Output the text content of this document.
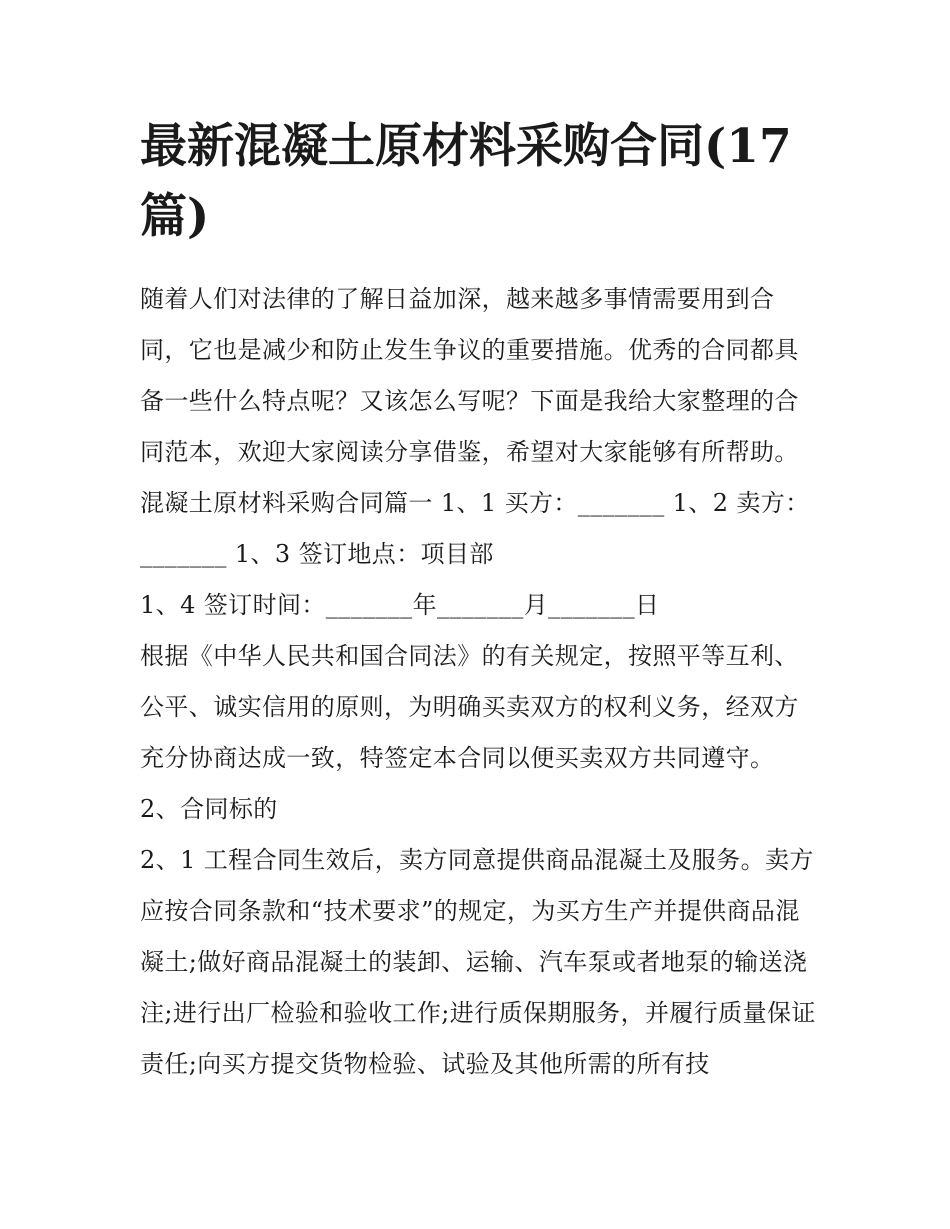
最新混凝土原材料采购合同(17篇)

随着人们对法律的了解日益加深，越来越多事情需要用到合同，它也是减少和防止发生争议的重要措施。优秀的合同都具备一些什么特点呢？又该怎么写呢？下面是我给大家整理的合同范本，欢迎大家阅读分享借鉴，希望对大家能够有所帮助。

混凝土原材料采购合同篇一 1、1 买方：_______ 1、2 卖方：_______ 1、3 签订地点：项目部

1、4 签订时间：_______年_______月_______日

根据《中华人民共和国合同法》的有关规定，按照平等互利、公平、诚实信用的原则，为明确买卖双方的权利义务，经双方充分协商达成一致，特签定本合同以便买卖双方共同遵守。

2、合同标的

2、1 工程合同生效后，卖方同意提供商品混凝土及服务。卖方应按合同条款和“技术要求”的规定，为买方生产并提供商品混凝土;做好商品混凝土的装卸、运输、汽车泵或者地泵的输送浇注;进行出厂检验和验收工作;进行质保期服务，并履行质量保证责任;向买方提交货物检验、试验及其他所需的所有技
